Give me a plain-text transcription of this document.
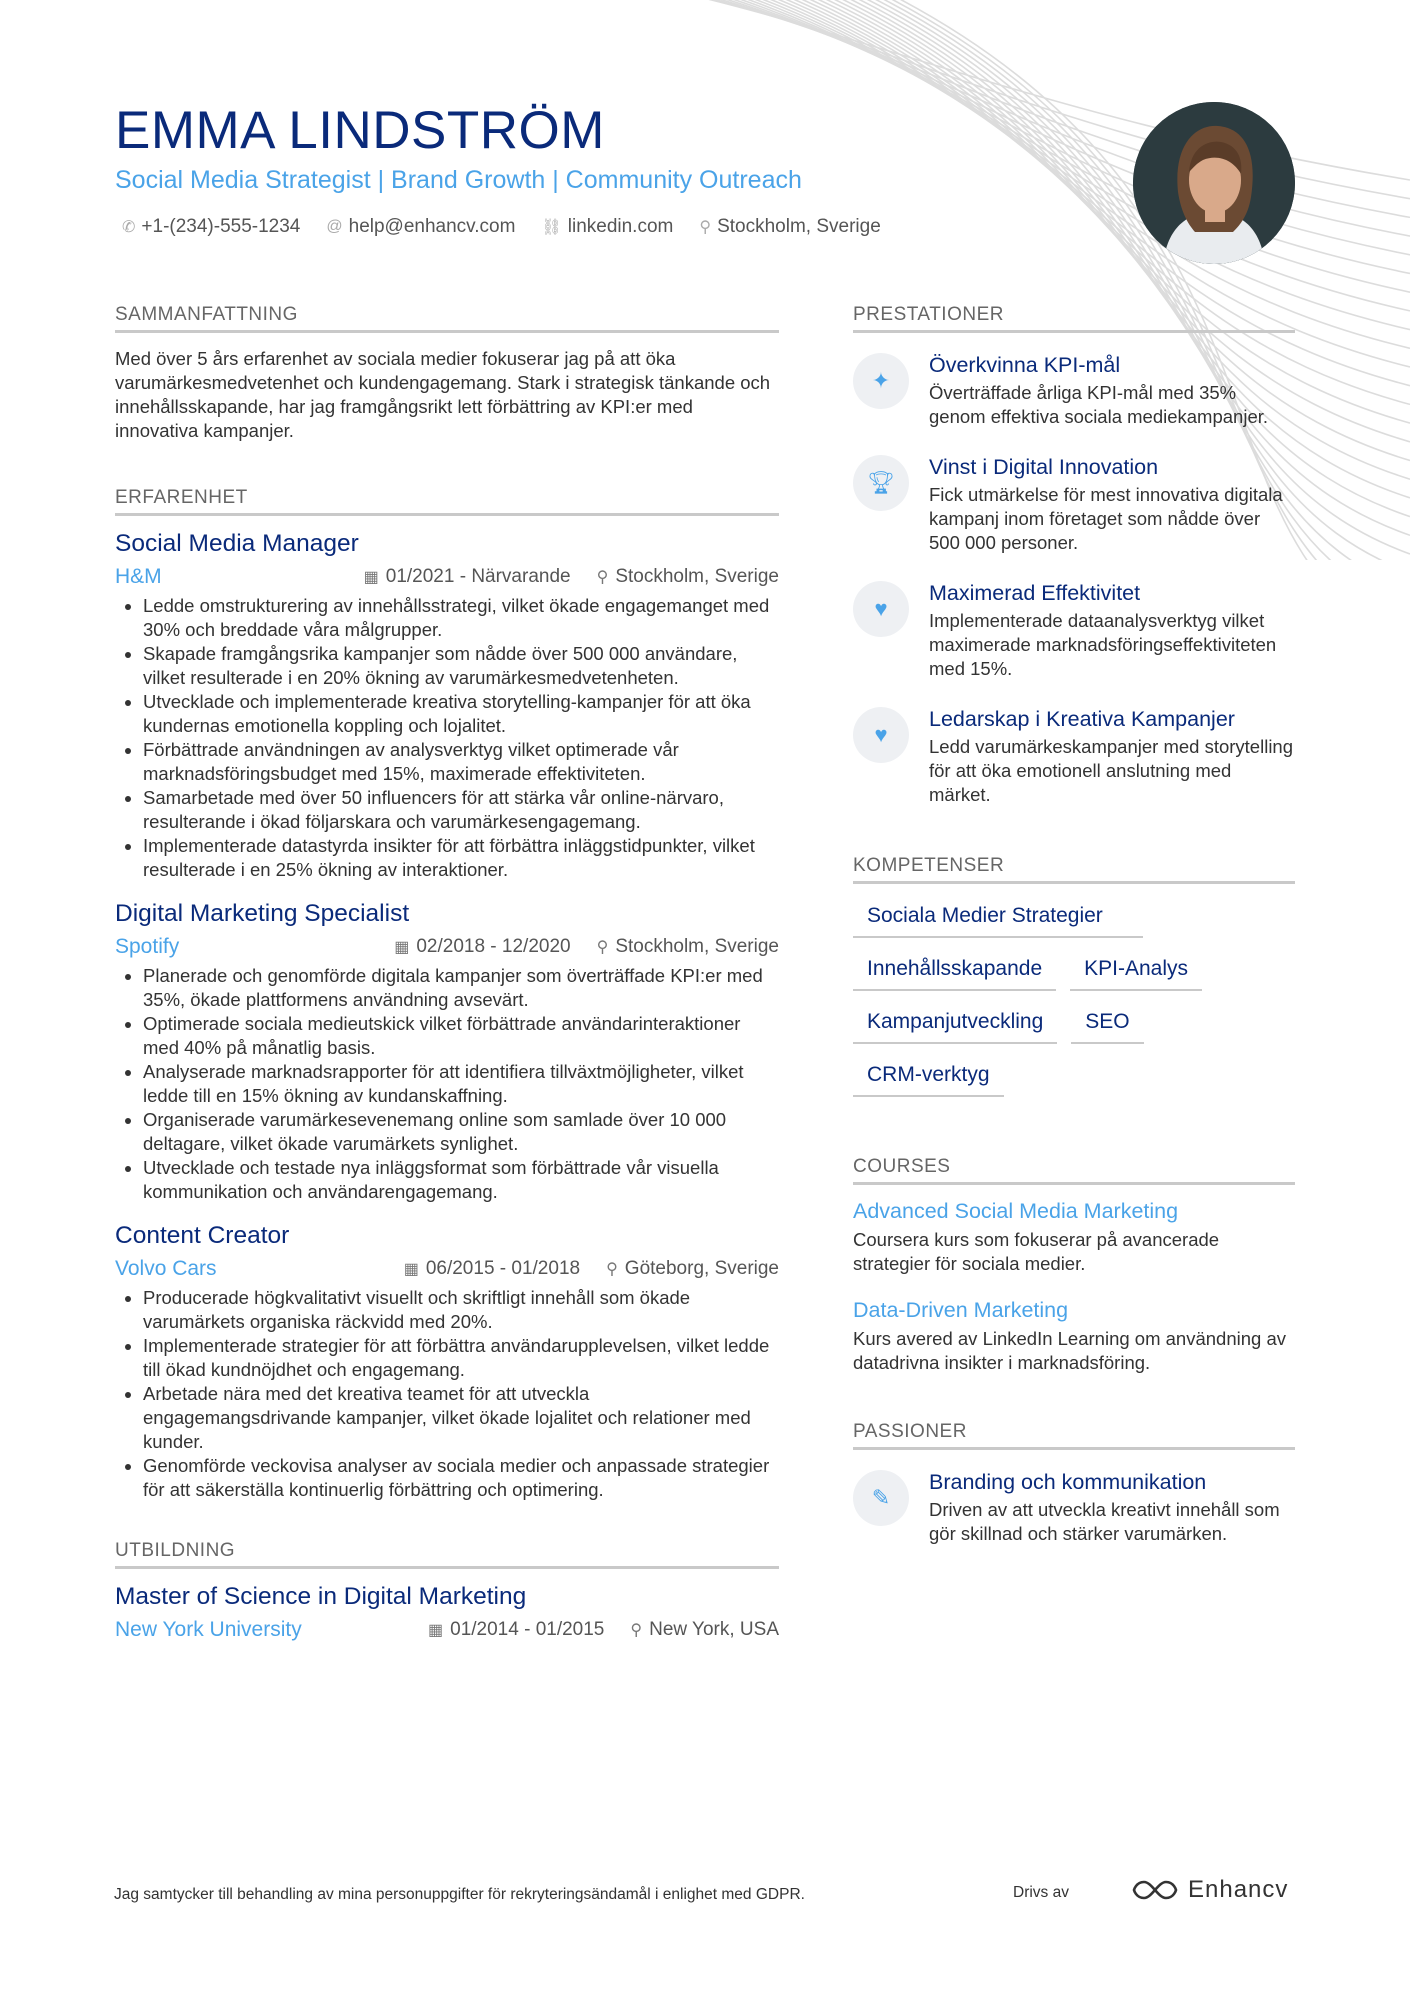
EMMA LINDSTRÖM
Social Media Strategist | Brand Growth | Community Outreach
✆ +1-(234)-555-1234 @ help@enhancv.com ⛓ linkedin.com ⚲ Stockholm, Sverige
SAMMANFATTNING

Med över 5 års erfarenhet av sociala medier fokuserar jag på att öka varumärkesmedvetenhet och kundengagemang. Stark i strategisk tänkande och innehållsskapande, har jag framgångsrikt lett förbättring av KPI:er med innovativa kampanjer.

ERFARENHET
Social Media Manager
H&M	▦ 01/2021 - Närvarande ⚲ Stockholm, Sverige
• Ledde omstrukturering av innehållsstrategi, vilket ökade engagemanget med 30% och breddade våra målgrupper.
• Skapade framgångsrika kampanjer som nådde över 500 000 användare, vilket resulterade i en 20% ökning av varumärkesmedvetenheten.
• Utvecklade och implementerade kreativa storytelling-kampanjer för att öka kundernas emotionella koppling och lojalitet.
• Förbättrade användningen av analysverktyg vilket optimerade vår marknadsföringsbudget med 15%, maximerade effektiviteten.
• Samarbetade med över 50 influencers för att stärka vår online-närvaro, resulterande i ökad följarskara och varumärkesengagemang.
• Implementerade datastyrda insikter för att förbättra inläggstidpunkter, vilket resulterade i en 25% ökning av interaktioner.
Digital Marketing Specialist
Spotify	▦ 02/2018 - 12/2020 ⚲ Stockholm, Sverige
• Planerade och genomförde digitala kampanjer som överträffade KPI:er med 35%, ökade plattformens användning avsevärt.
• Optimerade sociala medieutskick vilket förbättrade användarinteraktioner med 40% på månatlig basis.
• Analyserade marknadsrapporter för att identifiera tillväxtmöjligheter, vilket ledde till en 15% ökning av kundanskaffning.
• Organiserade varumärkesevenemang online som samlade över 10 000 deltagare, vilket ökade varumärkets synlighet.
• Utvecklade och testade nya inläggsformat som förbättrade vår visuella kommunikation och användarengagemang.
Content Creator
Volvo Cars	▦ 06/2015 - 01/2018 ⚲ Göteborg, Sverige
• Producerade högkvalitativt visuellt och skriftligt innehåll som ökade varumärkets organiska räckvidd med 20%.
• Implementerade strategier för att förbättra användarupplevelsen, vilket ledde till ökad kundnöjdhet och engagemang.
• Arbetade nära med det kreativa teamet för att utveckla engagemangsdrivande kampanjer, vilket ökade lojalitet och relationer med kunder.
• Genomförde veckovisa analyser av sociala medier och anpassade strategier för att säkerställa kontinuerlig förbättring och optimering.
UTBILDNING
Master of Science in Digital Marketing
New York University	▦ 01/2014 - 01/2015 ⚲ New York, USA
PRESTATIONER
✦
Överkvinna KPI-mål
Överträffade årliga KPI-mål med 35% genom effektiva sociala mediekampanjer.
🏆︎
Vinst i Digital Innovation
Fick utmärkelse för mest innovativa digitala kampanj inom företaget som nådde över 500 000 personer.
♥
Maximerad Effektivitet
Implementerade dataanalysverktyg vilket maximerade marknadsföringseffektiviteten med 15%.
♥
Ledarskap i Kreativa Kampanjer
Ledd varumärkeskampanjer med storytelling för att öka emotionell anslutning med märket.
KOMPETENSER
Sociala Medier Strategier
Innehållsskapande	KPI-Analys
Kampanjutveckling	SEO
CRM-verktyg
COURSES
Advanced Social Media Marketing
Coursera kurs som fokuserar på avancerade strategier för sociala medier.
Data-Driven Marketing
Kurs avered av LinkedIn Learning om användning av datadrivna insikter i marknadsföring.
PASSIONER
✎
Branding och kommunikation
Driven av att utveckla kreativt innehåll som gör skillnad och stärker varumärken.
Jag samtycker till behandling av mina personuppgifter för rekryteringsändamål i enlighet med GDPR.	Drivs av	Enhancv
